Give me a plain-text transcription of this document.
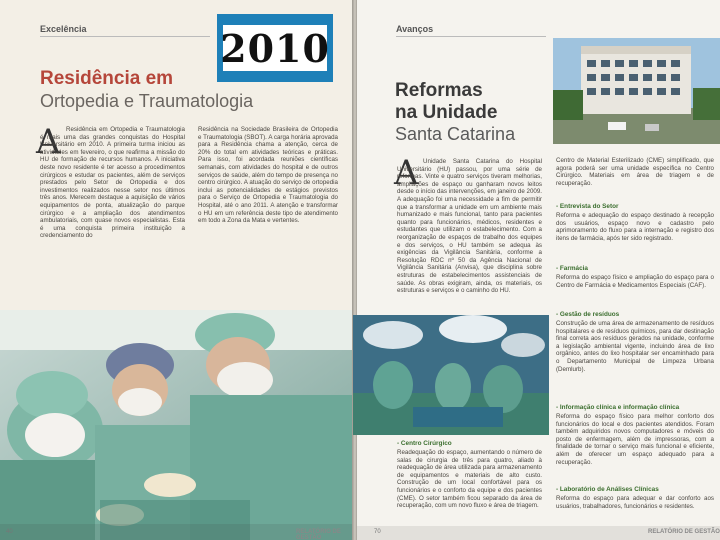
Excelência
Residência em
Ortopedia e Traumatologia
A Residência em Ortopedia e Traumatologia é mais uma das grandes conquistas do Hospital Universitário em 2010. A primeira turma iniciou as atividades em fevereiro, o que reafirma a missão do HU de formação de recursos humanos. A iniciativa deste novo residente é ter acesso a procedimentos cirúrgicos e estudar os pacientes, além de serviços prestados pelo Setor de Ortopedia e dos investimentos realizados nesse setor nos últimos três anos. Merecem destaque a aquisição de vários equipamentos de ponta, atualização do parque cirúrgico e a ampliação dos atendimentos ambulatoriais, com quase novos especialistas. Esta é uma conquista primeira instituição a credenciamento do
Residência na Sociedade Brasileira de Ortopedia e Traumatologia (SBOT). A carga horária aprovada para a Residência chama a atenção, cerca de 20% do total em atividades teóricas e práticas. Para isso, foi acordada reuniões científicas semanais, com atividades do hospital e de outros serviços de saúde, além do tempo de presença no centro cirúrgico. A atuação do serviço de ortopedia inclui as potencialidades de estágios previstos para o Serviço de Ortopedia e Traumatologia do Hospital, até o ano 2011. A atenção e transformar o HU em um referência deste tipo de atendimento em todo a Zona da Mata e vertentes.
40	RELATÓRIO DE GESTÃO
2010	Avanços
Reformas
na Unidade
Santa Catarina
A Unidade Santa Catarina do Hospital Universitário (HU) passou, por uma série de reformas. Vinte e quatro serviços tiveram melhorias, ampliações de espaço ou ganharam novos leitos desde o início das intervenções, em janeiro de 2009. A adequação foi uma necessidade a fim de permitir que a transformar a unidade em um ambiente mais humanizado e mais funcional, tanto para pacientes quanto para funcionários, médicos, residentes e estudantes que utilizam o estabelecimento. Com a reorganização de espaços de trabalho dos equipes e dos serviços, o HU também se adequa às exigências da Vigilância Sanitária, conforme a Resolução RDC nº 50 da Agência Nacional de Vigilância Sanitária (Anvisa), que disciplina sobre estruturas de estabelecimentos assistenciais de saúde. As obras exigiram, ainda, os materiais, os estruturas e serviços e o caminho do HU.
- Centro Cirúrgico
Readequação do espaço, aumentando o número de salas de cirurgia de três para quatro, aliado à readequação de área utilizada para armazenamento de equipamentos e materiais de alto custo. Construção de um local confortável para os funcionários e o conforto da equipe e dos pacientes (CME). O setor também ficou separado da área de recuperação, com um novo fluxo e área de triagem.
Centro de Material Esterilizado (CME) simplificado, que agora poderá ser uma unidade específica no Centro Cirúrgico. Materiais em área de triagem e de recuperação.
- Entrevista do Setor
Reforma e adequação do espaço destinado à recepção dos usuários, espaço novo e cadastro pelo aprimoramento do fluxo para a internação e registro dos itens de farmácia, após ter sido registrado.
- Farmácia
Reforma do espaço físico e ampliação do espaço para o Centro de Farmácia e Medicamentos Especiais (CAF).
- Gestão de resíduos
Construção de uma área de armazenamento de resíduos hospitalares e de resíduos químicos, para dar destinação final correta aos resíduos gerados na unidade, conforme a legislação ambiental vigente, incluindo área de lixo orgânico, antes do lixo hospitalar ser encaminhado para o Departamento Municipal de Limpeza Urbana (Demlurb).
- Informação clínica e informação clínica
Reforma do espaço físico para melhor conforto dos funcionários do local e dos pacientes atendidos. Foram também adquiridos novos computadores e móveis do posto de enfermagem, além de impressoras, com a finalidade de tornar o serviço mais funcional e eficiente, além de oferecer um espaço adequado para a recuperação.
- Laboratório de Análises Clínicas
Reforma do espaço para adequar e dar conforto aos usuários, trabalhadores, funcionários e residentes.
70	RELATÓRIO DE GESTÃO
